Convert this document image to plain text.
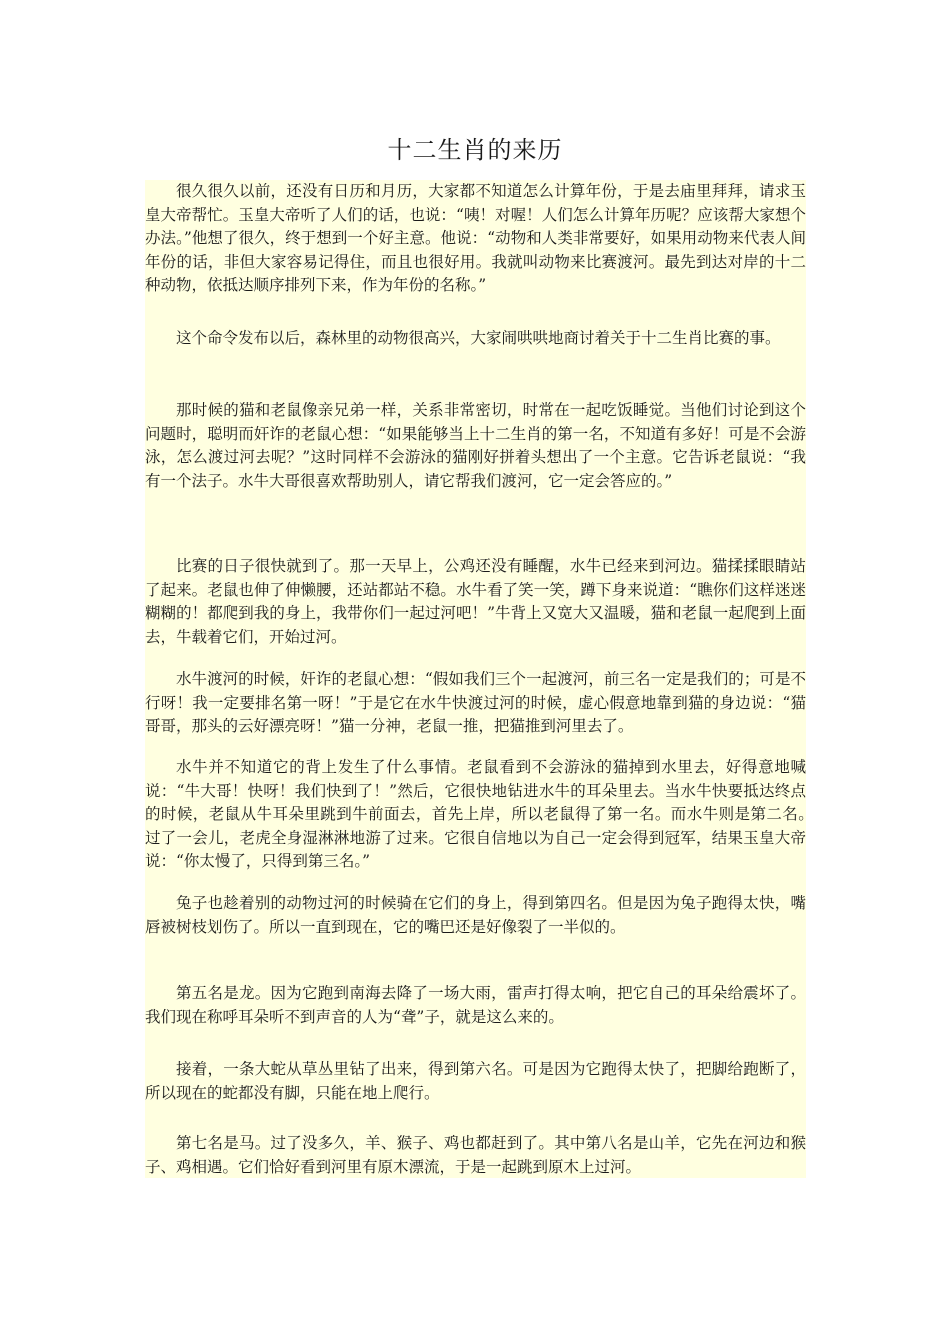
十二生肖的来历

很久很久以前，还没有日历和月历，大家都不知道怎么计算年份，于是去庙里拜拜，请求玉皇大帝帮忙。玉皇大帝听了人们的话，也说：“咦！对喔！人们怎么计算年历呢？应该帮大家想个办法。”他想了很久，终于想到一个好主意。他说：“动物和人类非常要好，如果用动物来代表人间年份的话，非但大家容易记得住，而且也很好用。我就叫动物来比赛渡河。最先到达对岸的十二种动物，依抵达顺序排列下来，作为年份的名称。”

这个命令发布以后，森林里的动物很高兴，大家闹哄哄地商讨着关于十二生肖比赛的事。

那时候的猫和老鼠像亲兄弟一样，关系非常密切，时常在一起吃饭睡觉。当他们讨论到这个问题时，聪明而奸诈的老鼠心想：“如果能够当上十二生肖的第一名，不知道有多好！可是不会游泳，怎么渡过河去呢？”这时同样不会游泳的猫刚好拼着头想出了一个主意。它告诉老鼠说：“我有一个法子。水牛大哥很喜欢帮助别人，请它帮我们渡河，它一定会答应的。”

比赛的日子很快就到了。那一天早上，公鸡还没有睡醒，水牛已经来到河边。猫揉揉眼睛站了起来。老鼠也伸了伸懒腰，还站都站不稳。水牛看了笑一笑，蹲下身来说道：“瞧你们这样迷迷糊糊的！都爬到我的身上，我带你们一起过河吧！”牛背上又宽大又温暖，猫和老鼠一起爬到上面去，牛载着它们，开始过河。

水牛渡河的时候，奸诈的老鼠心想：“假如我们三个一起渡河，前三名一定是我们的；可是不行呀！我一定要排名第一呀！”于是它在水牛快渡过河的时候，虚心假意地靠到猫的身边说：“猫哥哥，那头的云好漂亮呀！”猫一分神，老鼠一推，把猫推到河里去了。

水牛并不知道它的背上发生了什么事情。老鼠看到不会游泳的猫掉到水里去，好得意地喊说：“牛大哥！快呀！我们快到了！”然后，它很快地钻进水牛的耳朵里去。当水牛快要抵达终点的时候，老鼠从牛耳朵里跳到牛前面去，首先上岸，所以老鼠得了第一名。而水牛则是第二名。　　过了一会儿，老虎全身湿淋淋地游了过来。它很自信地以为自己一定会得到冠军，结果玉皇大帝说：“你太慢了，只得到第三名。”

兔子也趁着别的动物过河的时候骑在它们的身上，得到第四名。但是因为兔子跑得太快，嘴唇被树枝划伤了。所以一直到现在，它的嘴巴还是好像裂了一半似的。

第五名是龙。因为它跑到南海去降了一场大雨，雷声打得太响，把它自己的耳朵给震坏了。我们现在称呼耳朵听不到声音的人为“聋”子，就是这么来的。

接着，一条大蛇从草丛里钻了出来，得到第六名。可是因为它跑得太快了，把脚给跑断了，所以现在的蛇都没有脚，只能在地上爬行。

第七名是马。过了没多久，羊、猴子、鸡也都赶到了。其中第八名是山羊，它先在河边和猴子、鸡相遇。它们恰好看到河里有原木漂流，于是一起跳到原木上过河。
